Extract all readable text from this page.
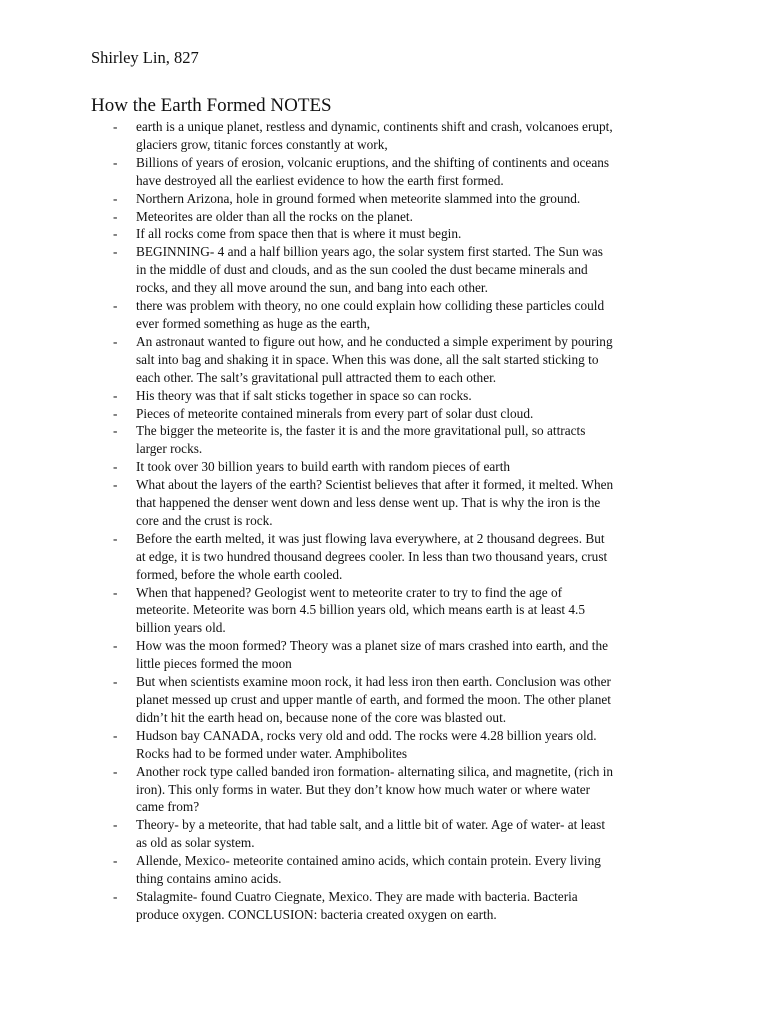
Shirley Lin, 827
How the Earth Formed NOTES
- earth is a unique planet, restless and dynamic, continents shift and crash, volcanoes erupt,
glaciers grow, titanic forces constantly at work,
- Billions of years of erosion, volcanic eruptions, and the shifting of continents and oceans
have destroyed all the earliest evidence to how the earth first formed.
- Northern Arizona, hole in ground formed when meteorite slammed into the ground.
- Meteorites are older than all the rocks on the planet.
- If all rocks come from space then that is where it must begin.
- BEGINNING- 4 and a half billion years ago, the solar system first started. The Sun was
in the middle of dust and clouds, and as the sun cooled the dust became minerals and
rocks, and they all move around the sun, and bang into each other.
- there was problem with theory, no one could explain how colliding these particles could
ever formed something as huge as the earth,
- An astronaut wanted to figure out how, and he conducted a simple experiment by pouring
salt into bag and shaking it in space. When this was done, all the salt started sticking to
each other. The salt’s gravitational pull attracted them to each other.
- His theory was that if salt sticks together in space so can rocks.
- Pieces of meteorite contained minerals from every part of solar dust cloud.
- The bigger the meteorite is, the faster it is and the more gravitational pull, so attracts
larger rocks.
- It took over 30 billion years to build earth with random pieces of earth
- What about the layers of the earth? Scientist believes that after it formed, it melted. When
that happened the denser went down and less dense went up. That is why the iron is the
core and the crust is rock.
- Before the earth melted, it was just flowing lava everywhere, at 2 thousand degrees. But
at edge, it is two hundred thousand degrees cooler. In less than two thousand years, crust
formed, before the whole earth cooled.
- When that happened? Geologist went to meteorite crater to try to find the age of
meteorite. Meteorite was born 4.5 billion years old, which means earth is at least 4.5
billion years old.
- How was the moon formed? Theory was a planet size of mars crashed into earth, and the
little pieces formed the moon
- But when scientists examine moon rock, it had less iron then earth. Conclusion was other
planet messed up crust and upper mantle of earth, and formed the moon. The other planet
didn’t hit the earth head on, because none of the core was blasted out.
- Hudson bay CANADA, rocks very old and odd. The rocks were 4.28 billion years old.
Rocks had to be formed under water. Amphibolites
- Another rock type called banded iron formation- alternating silica, and magnetite, (rich in
iron). This only forms in water. But they don’t know how much water or where water
came from?
- Theory- by a meteorite, that had table salt, and a little bit of water. Age of water- at least
as old as solar system.
- Allende, Mexico- meteorite contained amino acids, which contain protein. Every living
thing contains amino acids.
- Stalagmite- found Cuatro Ciegnate, Mexico. They are made with bacteria. Bacteria
produce oxygen. CONCLUSION: bacteria created oxygen on earth.
